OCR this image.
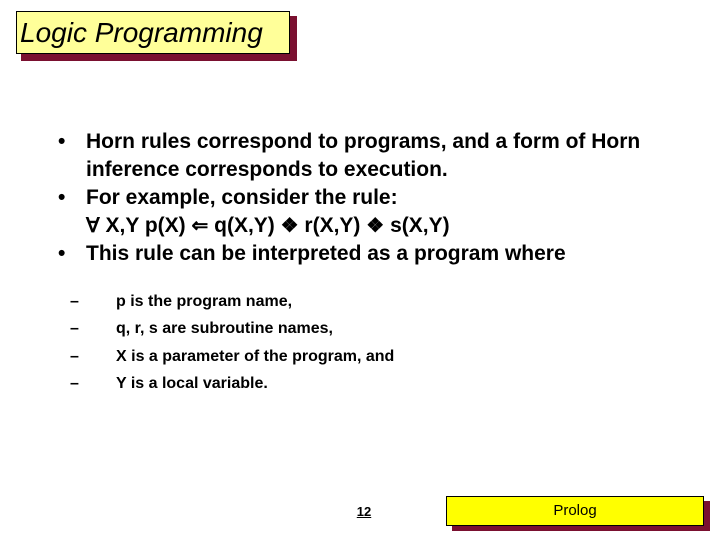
Logic Programming
• Horn rules correspond to programs, and a form of Horn inference corresponds to execution.
• For example, consider the rule:
∀ X,Y p(X) ⇐ q(X,Y) ❖ r(X,Y) ❖ s(X,Y)
• This rule can be interpreted as a program where
– p is the program name,
– q, r, s are subroutine names,
– X is a parameter of the program, and
– Y is a local variable.
12	Prolog
